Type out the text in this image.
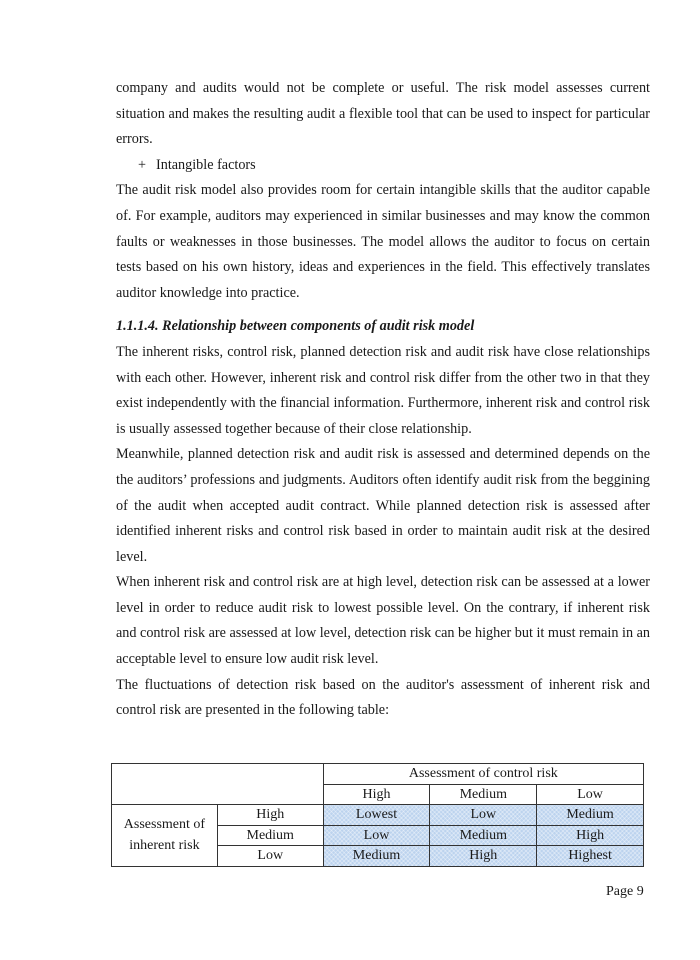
company and audits would not be complete or useful. The risk model assesses current situation and makes the resulting audit a flexible tool that can be used to inspect for particular errors.

+ Intangible factors

The audit risk model also provides room for certain intangible skills that the auditor capable of. For example, auditors may experienced in similar businesses and may know the common faults or weaknesses in those businesses. The model allows the auditor to focus on certain tests based on his own history, ideas and experiences in the field. This effectively translates auditor knowledge into practice.

1.1.1.4. Relationship between components of audit risk model

The inherent risks, control risk, planned detection risk and audit risk have close relationships with each other. However, inherent risk and control risk differ from the other two in that they exist independently with the financial information. Furthermore, inherent risk and control risk is usually assessed together because of their close relationship.

Meanwhile, planned detection risk and audit risk is assessed and determined depends on the the auditors’ professions and judgments. Auditors often identify audit risk from the beggining of the audit when accepted audit contract. While planned detection risk is assessed after identified inherent risks and control risk based in order to maintain audit risk at the desired level.

When inherent risk and control risk are at high level, detection risk can be assessed at a lower level in order to reduce audit risk to lowest possible level. On the contrary, if inherent risk and control risk are assessed at low level, detection risk can be higher but it must remain in an acceptable level to ensure low audit risk level.

The fluctuations of detection risk based on the auditor's assessment of inherent risk and control risk are presented in the following table:

		Assessment of control risk		
		High	Medium	Low
Assessment of
inherent risk	High	Lowest	Low	Medium
	Medium	Low	Medium	High
	Low	Medium	High	Highest
Page 9
